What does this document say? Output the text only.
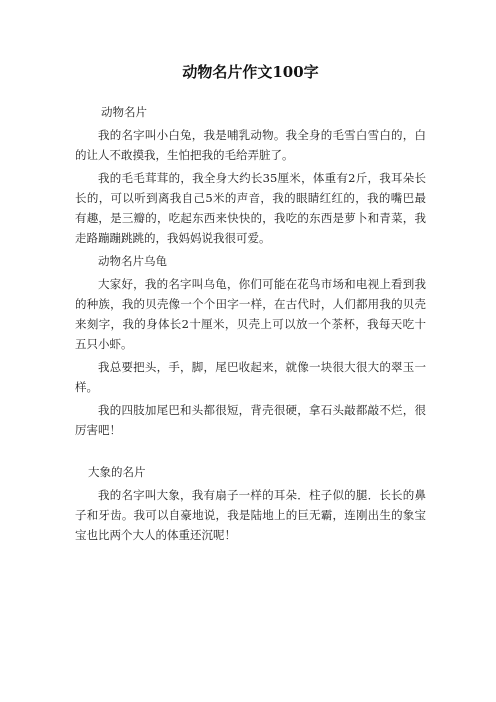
动物名片作文100字
动物名片

我的名字叫小白兔，我是哺乳动物。我全身的毛雪白雪白的，白的让人不敢摸我，生怕把我的毛给弄脏了。

我的毛毛茸茸的，我全身大约长35厘米，体重有2斤，我耳朵长长的，可以听到离我自己5米的声音，我的眼睛红红的，我的嘴巴最有趣，是三瓣的，吃起东西来快快的，我吃的东西是萝卜和青菜，我走路蹦蹦跳跳的，我妈妈说我很可爱。

动物名片乌龟

大家好，我的名字叫乌龟，你们可能在花鸟市场和电视上看到我的种族，我的贝壳像一个个田字一样，在古代时，人们都用我的贝壳来刻字，我的身体长2十厘米，贝壳上可以放一个茶杯，我每天吃十五只小虾。

我总要把头，手，脚，尾巴收起来，就像一块很大很大的翠玉一样。

我的四肢加尾巴和头都很短，背壳很硬，拿石头敲都敲不烂，很厉害吧！

大象的名片

我的名字叫大象，我有扇子一样的耳朵．柱子似的腿．长长的鼻子和牙齿。我可以自豪地说，我是陆地上的巨无霸，连刚出生的象宝宝也比两个大人的体重还沉呢！
